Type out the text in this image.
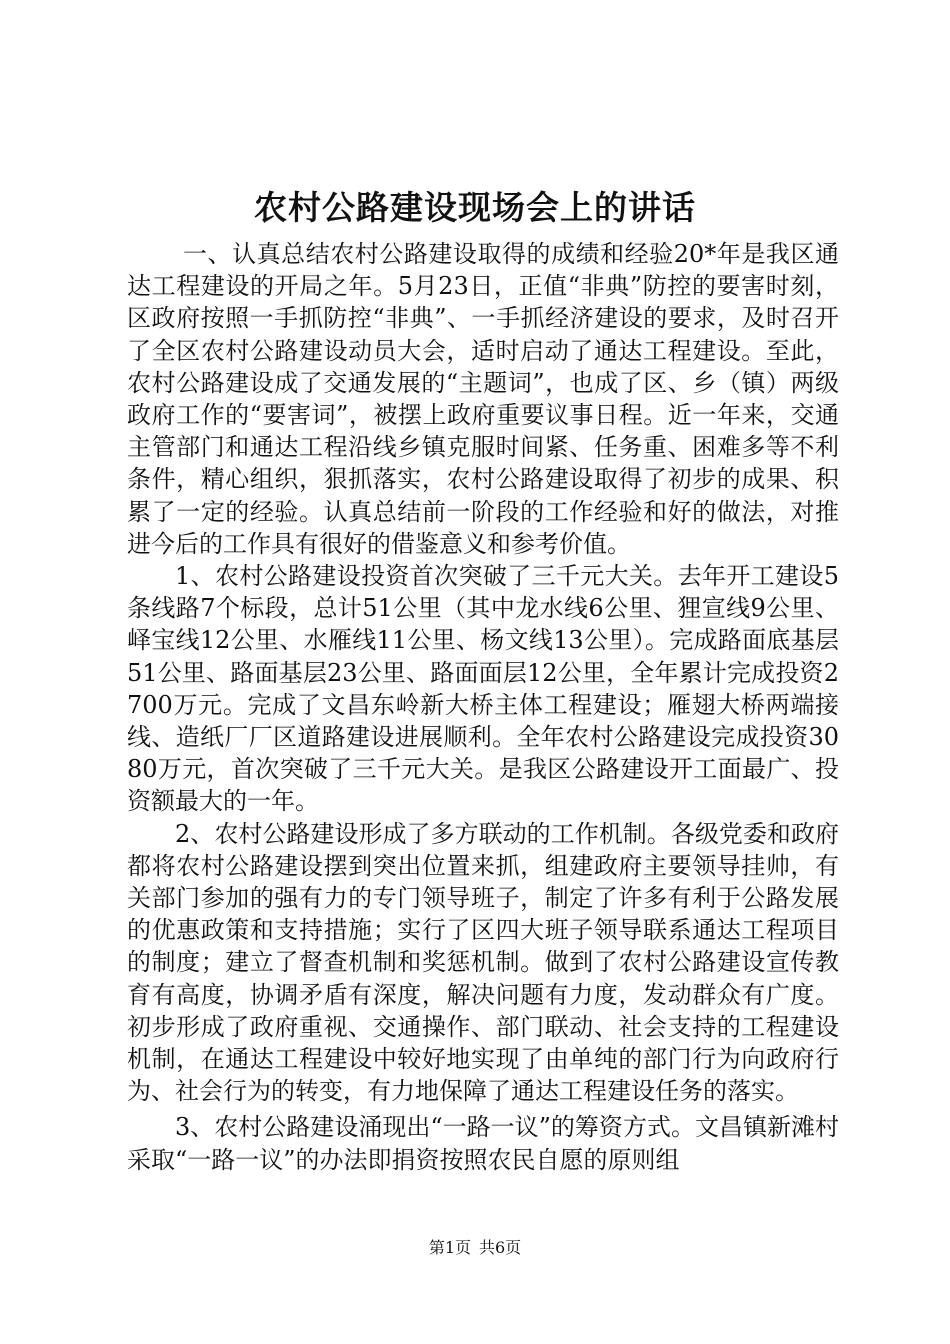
农村公路建设现场会上的讲话

一、认真总结农村公路建设取得的成绩和经验20*年是我区通达工程建设的开局之年。5月23日，正值“非典”防控的要害时刻，区政府按照一手抓防控“非典”、一手抓经济建设的要求，及时召开了全区农村公路建设动员大会，适时启动了通达工程建设。至此，农村公路建设成了交通发展的“主题词”，也成了区、乡（镇）两级政府工作的“要害词”，被摆上政府重要议事日程。近一年来，交通主管部门和通达工程沿线乡镇克服时间紧、任务重、困难多等不利条件，精心组织，狠抓落实，农村公路建设取得了初步的成果、积累了一定的经验。认真总结前一阶段的工作经验和好的做法，对推进今后的工作具有很好的借鉴意义和参考价值。

1、农村公路建设投资首次突破了三千元大关。去年开工建设5条线路7个标段，总计51公里（其中龙水线6公里、狸宣线9公里、峄宝线12公里、水雁线11公里、杨文线13公里）。完成路面底基层51公里、路面基层23公里、路面面层12公里，全年累计完成投资2700万元。完成了文昌东岭新大桥主体工程建设；雁翅大桥两端接线、造纸厂厂区道路建设进展顺利。全年农村公路建设完成投资3080万元，首次突破了三千元大关。是我区公路建设开工面最广、投资额最大的一年。

2、农村公路建设形成了多方联动的工作机制。各级党委和政府都将农村公路建设摆到突出位置来抓，组建政府主要领导挂帅，有关部门参加的强有力的专门领导班子，制定了许多有利于公路发展的优惠政策和支持措施；实行了区四大班子领导联系通达工程项目的制度；建立了督查机制和奖惩机制。做到了农村公路建设宣传教育有高度，协调矛盾有深度，解决问题有力度，发动群众有广度。初步形成了政府重视、交通操作、部门联动、社会支持的工程建设机制，在通达工程建设中较好地实现了由单纯的部门行为向政府行为、社会行为的转变，有力地保障了通达工程建设任务的落实。

3、农村公路建设涌现出“一路一议”的筹资方式。文昌镇新滩村采取“一路一议”的办法即捐资按照农民自愿的原则组

第1页 共6页
